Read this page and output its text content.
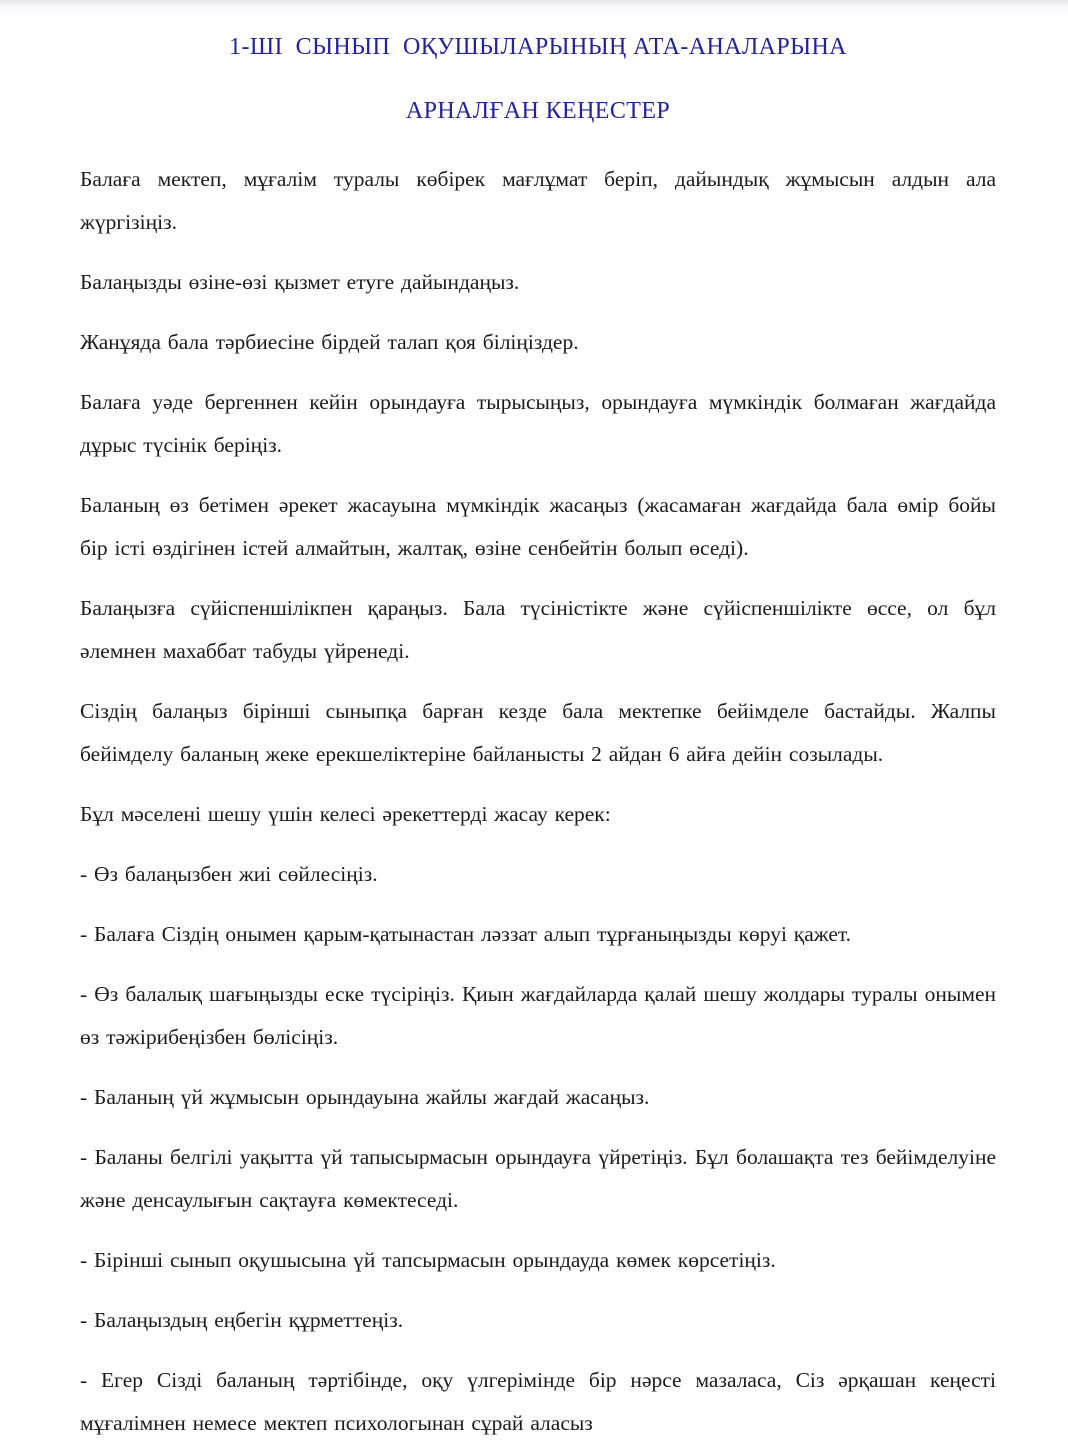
1-ШІ  СЫНЫП  ОҚУШЫЛАРЫНЫҢ АТА-АНАЛАРЫНА
АРНАЛҒАН КЕҢЕСТЕР

Балаға мектеп, мұғалім туралы көбірек мағлұмат беріп, дайындық жұмысын алдын ала жүргізіңіз.

Балаңызды өзіне-өзі қызмет етуге дайындаңыз.

Жанұяда бала тәрбиесіне бірдей талап қоя біліңіздер.

Балаға уәде бергеннен кейін орындауға тырысыңыз, орындауға мүмкіндік болмаған жағдайда дұрыс түсінік беріңіз.

Баланың өз бетімен әрекет жасауына мүмкіндік жасаңыз (жасамаған жағдайда бала өмір бойы бір істі өздігінен істей алмайтын, жалтақ, өзіне сенбейтін болып өседі).

Балаңызға сүйіспеншілікпен қараңыз. Бала түсіністікте және сүйіспеншілікте өссе, ол бұл әлемнен махаббат табуды үйренеді.

Сіздің балаңыз бірінші сыныпқа барған кезде бала мектепке бейімделе бастайды. Жалпы бейімделу баланың жеке ерекшеліктеріне байланысты 2 айдан 6 айға дейін созылады.

Бұл мәселені шешу үшін келесі әрекеттерді жасау керек:

- Өз балаңызбен жиі сөйлесіңіз.

- Балаға Сіздің онымен қарым-қатынастан ләззат алып тұрғаныңызды көруі қажет.

- Өз балалық шағыңызды еске түсіріңіз. Қиын жағдайларда қалай шешу жолдары туралы онымен өз тәжірибеңізбен бөлісіңіз.

- Баланың үй жұмысын орындауына жайлы жағдай жасаңыз.

- Баланы белгілі уақытта үй тапысырмасын орындауға үйретіңіз. Бұл болашақта тез бейімделуіне және денсаулығын сақтауға көмектеседі.

- Бірінші сынып оқушысына үй тапсырмасын орындауда көмек көрсетіңіз.

- Балаңыздың еңбегін құрметтеңіз.

- Егер Сізді баланың тәртібінде, оқу үлгерімінде бір нәрсе мазаласа, Сіз әрқашан кеңесті мұғалімнен немесе мектеп психологынан сұрай аласыз
